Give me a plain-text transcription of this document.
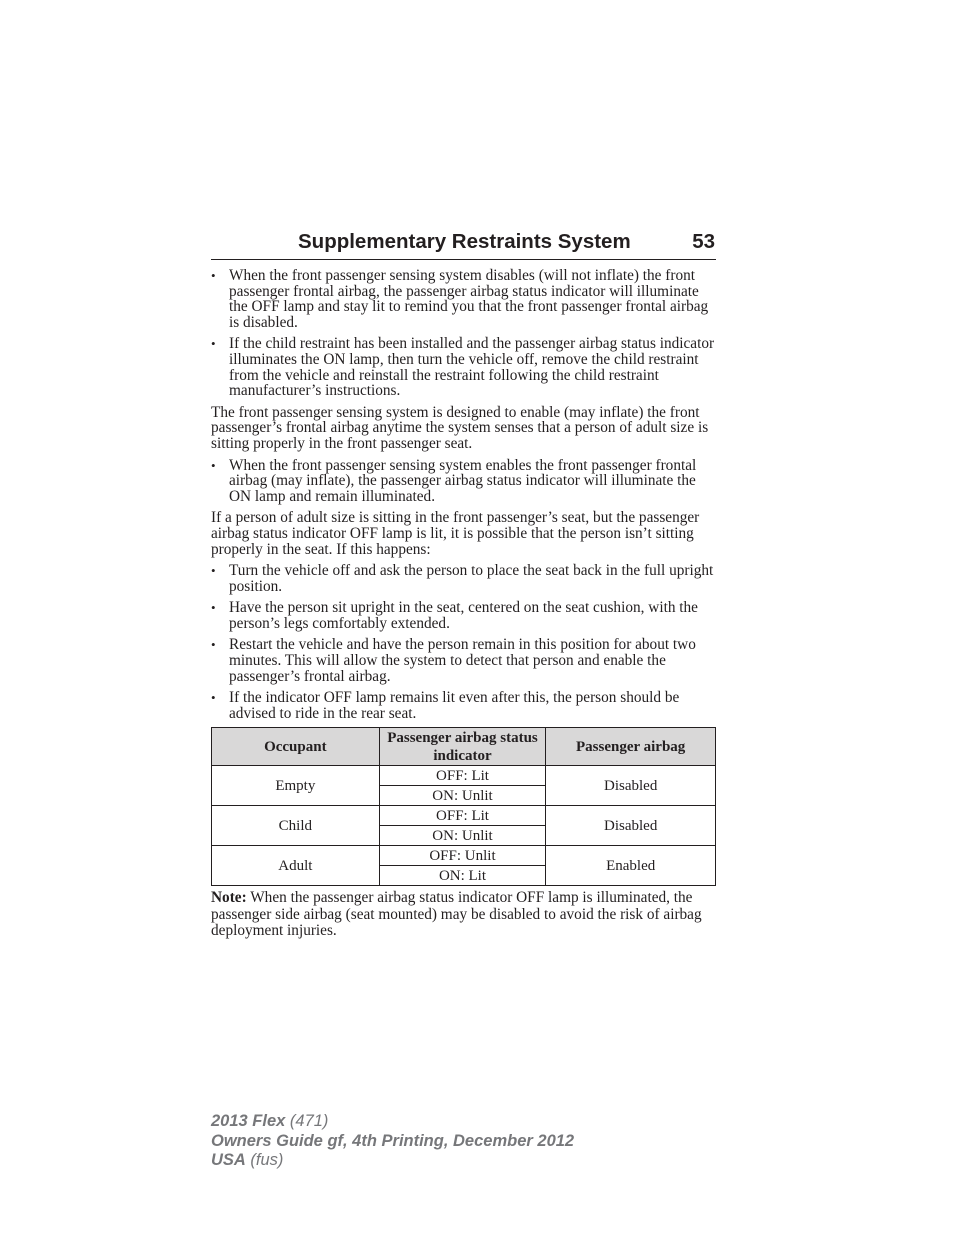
Supplementary Restraints System	53
• When the front passenger sensing system disables (will not inflate) the front passenger frontal airbag, the passenger airbag status indicator will illuminate the OFF lamp and stay lit to remind you that the front passenger frontal airbag is disabled.
• If the child restraint has been installed and the passenger airbag status indicator illuminates the ON lamp, then turn the vehicle off, remove the child restraint from the vehicle and reinstall the restraint following the child restraint manufacturer’s instructions.
The front passenger sensing system is designed to enable (may inflate) the front passenger’s frontal airbag anytime the system senses that a person of adult size is sitting properly in the front passenger seat.
• When the front passenger sensing system enables the front passenger frontal airbag (may inflate), the passenger airbag status indicator will illuminate the ON lamp and remain illuminated.
If a person of adult size is sitting in the front passenger’s seat, but the passenger airbag status indicator OFF lamp is lit, it is possible that the person isn’t sitting properly in the seat. If this happens:
• Turn the vehicle off and ask the person to place the seat back in the full upright position.
• Have the person sit upright in the seat, centered on the seat cushion, with the person’s legs comfortably extended.
• Restart the vehicle and have the person remain in this position for about two minutes. This will allow the system to detect that person and enable the passenger’s frontal airbag.
• If the indicator OFF lamp remains lit even after this, the person should be advised to ride in the rear seat.
Occupant	Passenger airbag status indicator	Passenger airbag
Empty	OFF: Lit	Disabled
	ON: Unlit	
Child	OFF: Lit	Disabled
	ON: Unlit	
Adult	OFF: Unlit	Enabled
	ON: Lit	
Note: When the passenger airbag status indicator OFF lamp is illuminated, the passenger side airbag (seat mounted) may be disabled to avoid the risk of airbag deployment injuries.
2013 Flex (471)
Owners Guide gf, 4th Printing, December 2012
USA (fus)
